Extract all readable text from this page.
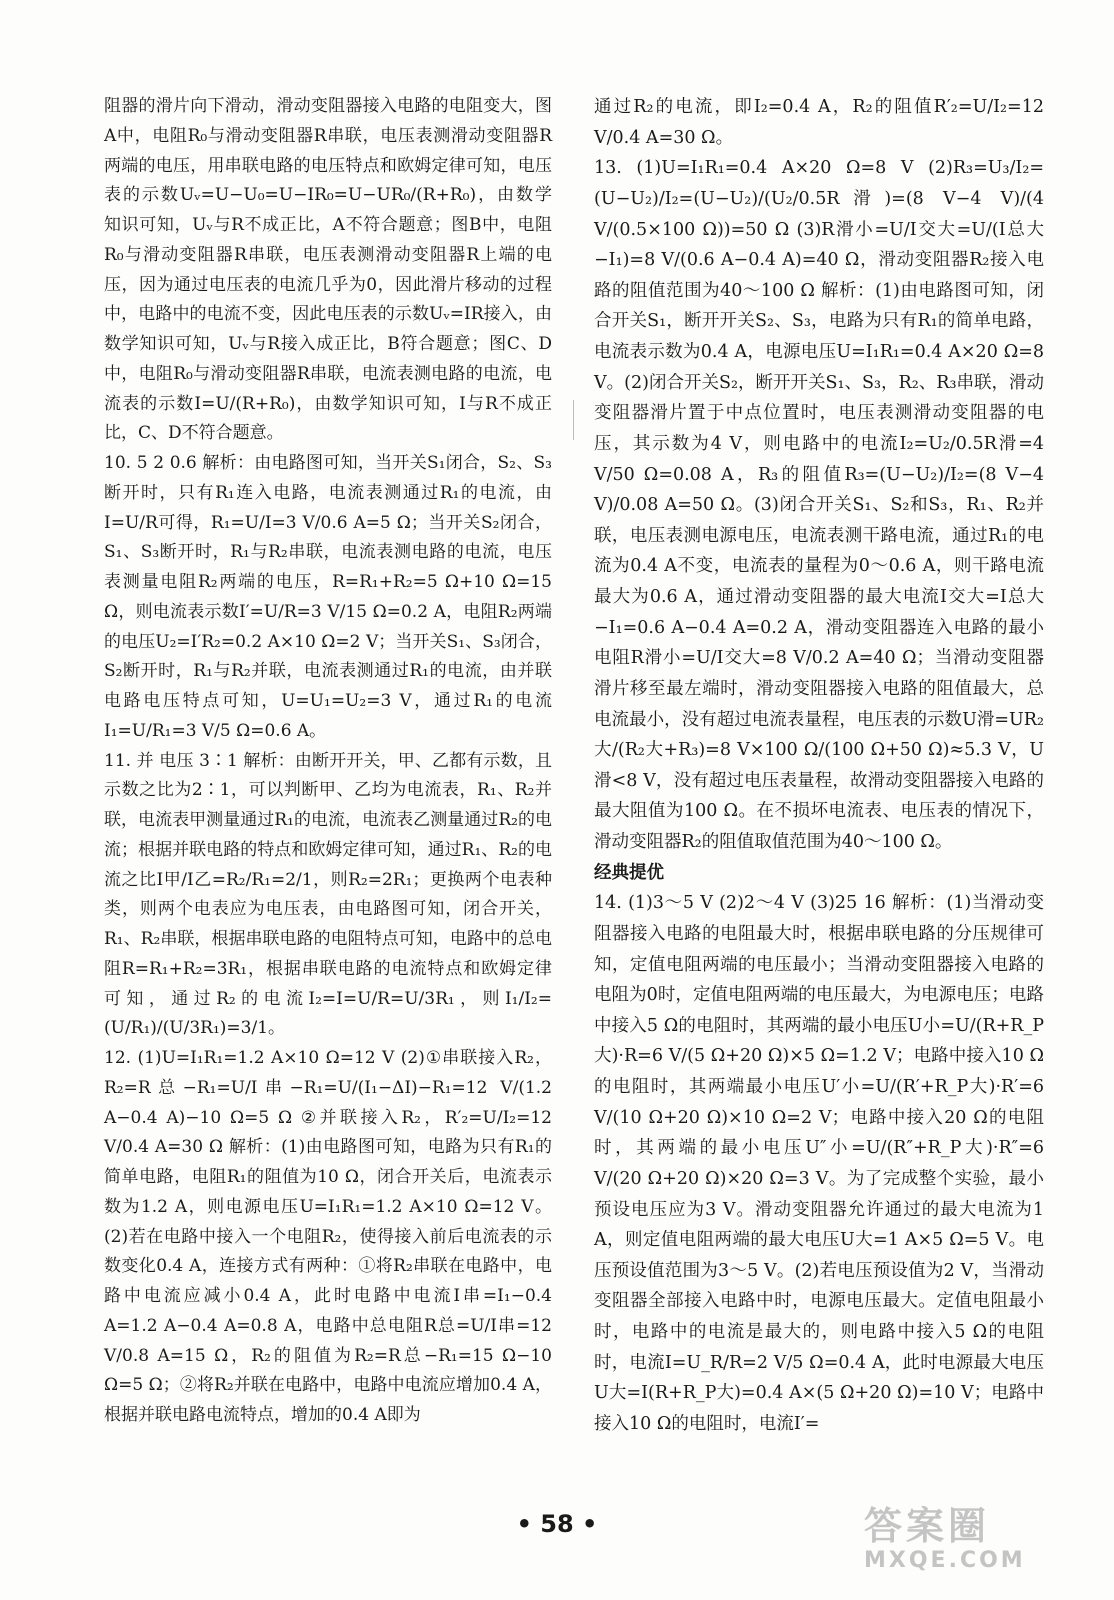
阻器的滑片向下滑动，滑动变阻器接入电路的电阻变大，图A中，电阻R₀与滑动变阻器R串联，电压表测滑动变阻器R两端的电压，用串联电路的电压特点和欧姆定律可知，电压表的示数Uᵥ=U−U₀=U−IR₀=U−UR₀/(R+R₀)，由数学知识可知，Uᵥ与R不成正比，A不符合题意；图B中，电阻R₀与滑动变阻器R串联，电压表测滑动变阻器R上端的电压，因为通过电压表的电流几乎为0，因此滑片移动的过程中，电路中的电流不变，因此电压表的示数Uᵥ=IR接入，由数学知识可知，Uᵥ与R接入成正比，B符合题意；图C、D中，电阻R₀与滑动变阻器R串联，电流表测电路的电流，电流表的示数I=U/(R+R₀)，由数学知识可知，I与R不成正比，C、D不符合题意。

10. 5 2 0.6 解析：由电路图可知，当开关S₁闭合，S₂、S₃断开时，只有R₁连入电路，电流表测通过R₁的电流，由I=U/R可得，R₁=U/I=3 V/0.6 A=5 Ω；当开关S₂闭合，S₁、S₃断开时，R₁与R₂串联，电流表测电路的电流，电压表测量电阻R₂两端的电压，R=R₁+R₂=5 Ω+10 Ω=15 Ω，则电流表示数I′=U/R=3 V/15 Ω=0.2 A，电阻R₂两端的电压U₂=I′R₂=0.2 A×10 Ω=2 V；当开关S₁、S₃闭合，S₂断开时，R₁与R₂并联，电流表测通过R₁的电流，由并联电路电压特点可知，U=U₁=U₂=3 V，通过R₁的电流I₁=U/R₁=3 V/5 Ω=0.6 A。

11. 并 电压 3∶1 解析：由断开开关，甲、乙都有示数，且示数之比为2∶1，可以判断甲、乙均为电流表，R₁、R₂并联，电流表甲测量通过R₁的电流，电流表乙测量通过R₂的电流；根据并联电路的特点和欧姆定律可知，通过R₁、R₂的电流之比I甲/I乙=R₂/R₁=2/1，则R₂=2R₁；更换两个电表种类，则两个电表应为电压表，由电路图可知，闭合开关，R₁、R₂串联，根据串联电路的电阻特点可知，电路中的总电阻R=R₁+R₂=3R₁，根据串联电路的电流特点和欧姆定律可知，通过R₂的电流I₂=I=U/R=U/3R₁，则I₁/I₂=(U/R₁)/(U/3R₁)=3/1。

12. (1)U=I₁R₁=1.2 A×10 Ω=12 V (2)①串联接入R₂，R₂=R总−R₁=U/I串−R₁=U/(I₁−ΔI)−R₁=12 V/(1.2 A−0.4 A)−10 Ω=5 Ω ②并联接入R₂，R′₂=U/I₂=12 V/0.4 A=30 Ω 解析：(1)由电路图可知，电路为只有R₁的简单电路，电阻R₁的阻值为10 Ω，闭合开关后，电流表示数为1.2 A，则电源电压U=I₁R₁=1.2 A×10 Ω=12 V。(2)若在电路中接入一个电阻R₂，使得接入前后电流表的示数变化0.4 A，连接方式有两种：①将R₂串联在电路中，电路中电流应减小0.4 A，此时电路中电流I串=I₁−0.4 A=1.2 A−0.4 A=0.8 A，电路中总电阻R总=U/I串=12 V/0.8 A=15 Ω，R₂的阻值为R₂=R总−R₁=15 Ω−10 Ω=5 Ω；②将R₂并联在电路中，电路中电流应增加0.4 A，根据并联电路电流特点，增加的0.4 A即为

通过R₂的电流，即I₂=0.4 A，R₂的阻值R′₂=U/I₂=12 V/0.4 A=30 Ω。

13. (1)U=I₁R₁=0.4 A×20 Ω=8 V (2)R₃=U₃/I₂=(U−U₂)/I₂=(U−U₂)/(U₂/0.5R滑)=(8 V−4 V)/(4 V/(0.5×100 Ω))=50 Ω (3)R滑小=U/I交大=U/(I总大−I₁)=8 V/(0.6 A−0.4 A)=40 Ω，滑动变阻器R₂接入电路的阻值范围为40～100 Ω 解析：(1)由电路图可知，闭合开关S₁，断开开关S₂、S₃，电路为只有R₁的简单电路，电流表示数为0.4 A，电源电压U=I₁R₁=0.4 A×20 Ω=8 V。(2)闭合开关S₂，断开开关S₁、S₃，R₂、R₃串联，滑动变阻器滑片置于中点位置时，电压表测滑动变阻器的电压，其示数为4 V，则电路中的电流I₂=U₂/0.5R滑=4 V/50 Ω=0.08 A，R₃的阻值R₃=(U−U₂)/I₂=(8 V−4 V)/0.08 A=50 Ω。(3)闭合开关S₁、S₂和S₃，R₁、R₂并联，电压表测电源电压，电流表测干路电流，通过R₁的电流为0.4 A不变，电流表的量程为0～0.6 A，则干路电流最大为0.6 A，通过滑动变阻器的最大电流I交大=I总大−I₁=0.6 A−0.4 A=0.2 A，滑动变阻器连入电路的最小电阻R滑小=U/I交大=8 V/0.2 A=40 Ω；当滑动变阻器滑片移至最左端时，滑动变阻器接入电路的阻值最大，总电流最小，没有超过电流表量程，电压表的示数U滑=UR₂大/(R₂大+R₃)=8 V×100 Ω/(100 Ω+50 Ω)≈5.3 V，U滑<8 V，没有超过电压表量程，故滑动变阻器接入电路的最大阻值为100 Ω。在不损坏电流表、电压表的情况下，滑动变阻器R₂的阻值取值范围为40～100 Ω。

经典提优

14. (1)3～5 V (2)2～4 V (3)25 16 解析：(1)当滑动变阻器接入电路的电阻最大时，根据串联电路的分压规律可知，定值电阻两端的电压最小；当滑动变阻器接入电路的电阻为0时，定值电阻两端的电压最大，为电源电压；电路中接入5 Ω的电阻时，其两端的最小电压U小=U/(R+R_P大)·R=6 V/(5 Ω+20 Ω)×5 Ω=1.2 V；电路中接入10 Ω的电阻时，其两端最小电压U′小=U/(R′+R_P大)·R′=6 V/(10 Ω+20 Ω)×10 Ω=2 V；电路中接入20 Ω的电阻时，其两端的最小电压U″小=U/(R″+R_P大)·R″=6 V/(20 Ω+20 Ω)×20 Ω=3 V。为了完成整个实验，最小预设电压应为3 V。滑动变阻器允许通过的最大电流为1 A，则定值电阻两端的最大电压U大=1 A×5 Ω=5 V。电压预设值范围为3～5 V。(2)若电压预设值为2 V，当滑动变阻器全部接入电路中时，电源电压最大。定值电阻最小时，电路中的电流是最大的，则电路中接入5 Ω的电阻时，电流I=U_R/R=2 V/5 Ω=0.4 A，此时电源最大电压U大=I(R+R_P大)=0.4 A×(5 Ω+20 Ω)=10 V；电路中接入10 Ω的电阻时，电流I′=

• 58 •	答案圈
MXQE.COM
